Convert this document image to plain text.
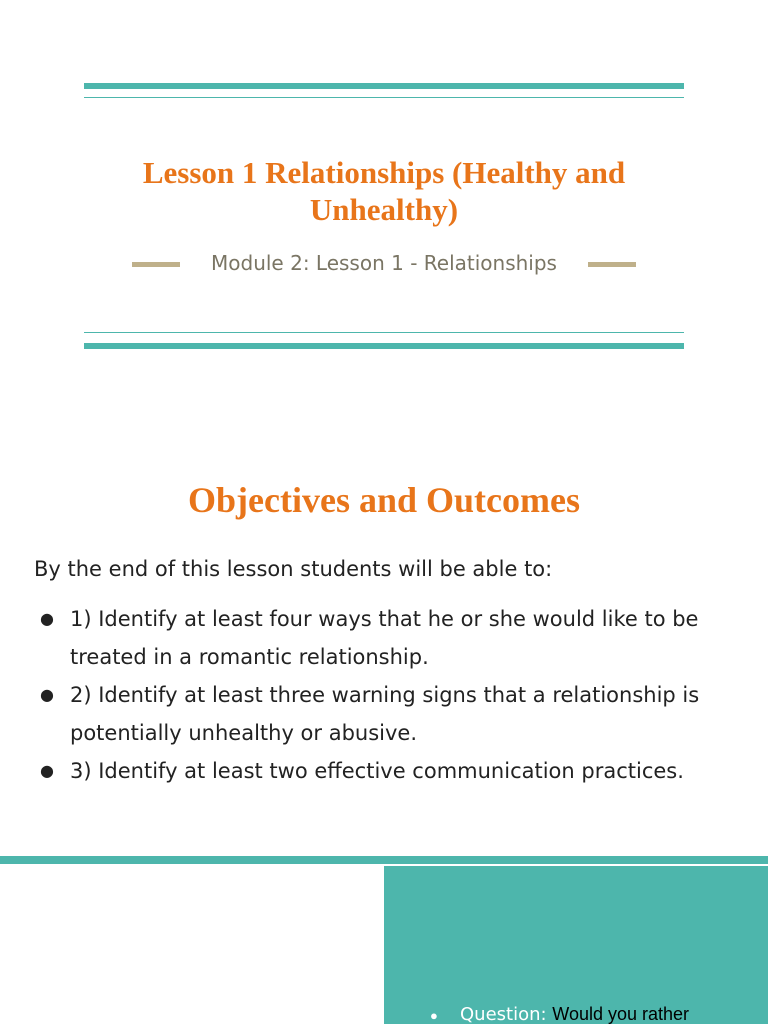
Lesson 1 Relationships (Healthy and Unhealthy)
Module 2: Lesson 1 - Relationships
Objectives and Outcomes

By the end of this lesson students will be able to:

● 1) Identify at least four ways that he or she would like to be treated in a romantic relationship.
● 2) Identify at least three warning signs that a relationship is potentially unhealthy or abusive.
● 3) Identify at least two effective communication practices.
● Question: Would you rather
